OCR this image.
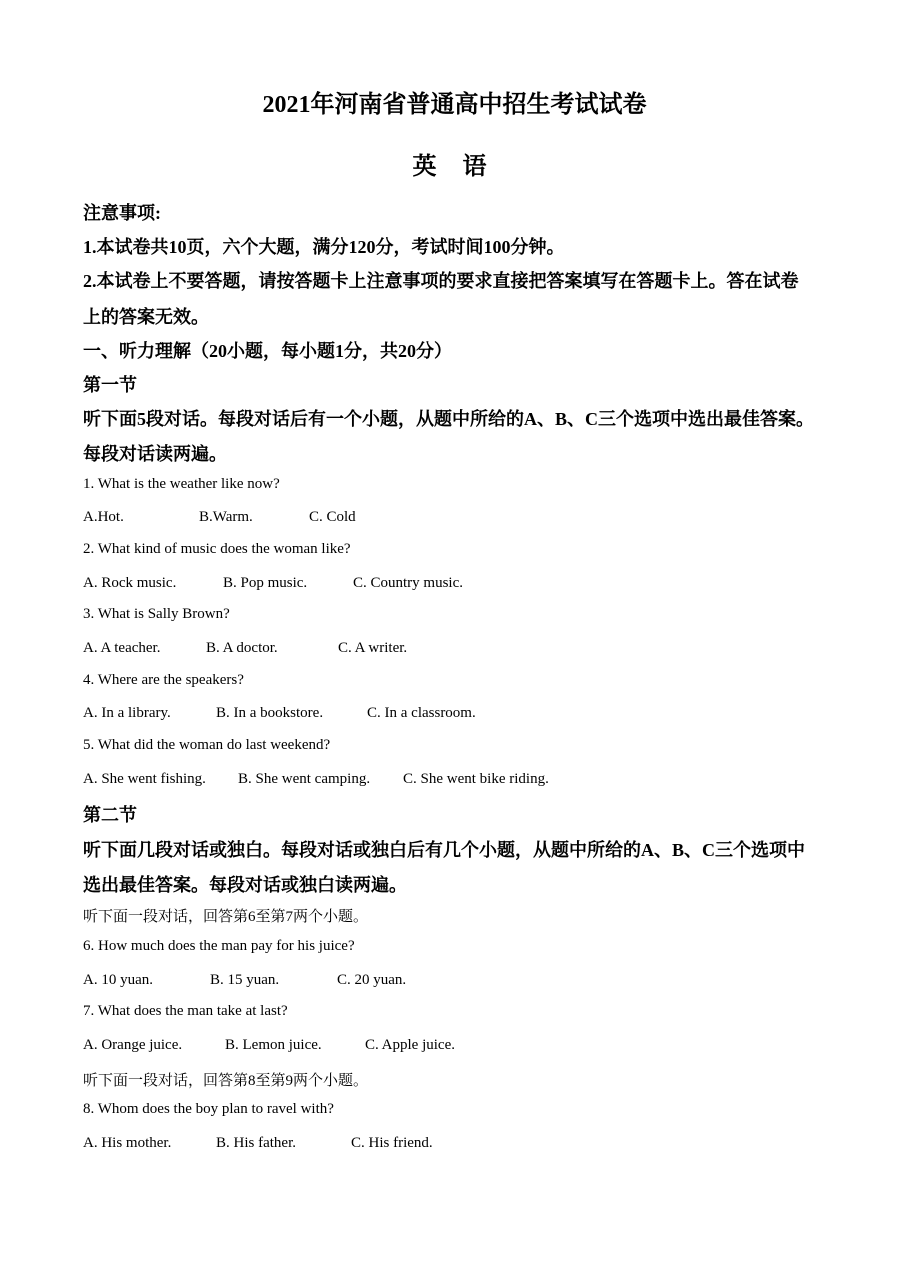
2021年河南省普通高中招生考试试卷
英 语
注意事项:
1.本试卷共10页，六个大题，满分120分，考试时间100分钟。
2.本试卷上不要答题，请按答题卡上注意事项的要求直接把答案填写在答题卡上。答在试卷
上的答案无效。
一、听力理解（20小题，每小题1分，共20分）
第一节
听下面5段对话。每段对话后有一个小题，从题中所给的A、B、C三个选项中选出最佳答案。
每段对话读两遍。
1. What is the weather like now?
A.Hot.	B.Warm.	C. Cold
2. What kind of music does the woman like?
A. Rock music.	B. Pop music.	C. Country music.
3. What is Sally Brown?
A. A teacher.	B. A doctor.	C. A writer.
4. Where are the speakers?
A. In a library.	B. In a bookstore.	C. In a classroom.
5. What did the woman do last weekend?
A. She went fishing. B. She went camping. C. She went bike riding.
第二节
听下面几段对话或独白。每段对话或独白后有几个小题，从题中所给的A、B、C三个选项中
选出最佳答案。每段对话或独白读两遍。
听下面一段对话，回答第6至第7两个小题。
6. How much does the man pay for his juice?
A. 10 yuan.	B. 15 yuan.	C. 20 yuan.
7. What does the man take at last?
A. Orange juice.	B. Lemon juice.	C. Apple juice.
听下面一段对话，回答第8至第9两个小题。
8. Whom does the boy plan to ravel with?
A. His mother.	B. His father.	C. His friend.
